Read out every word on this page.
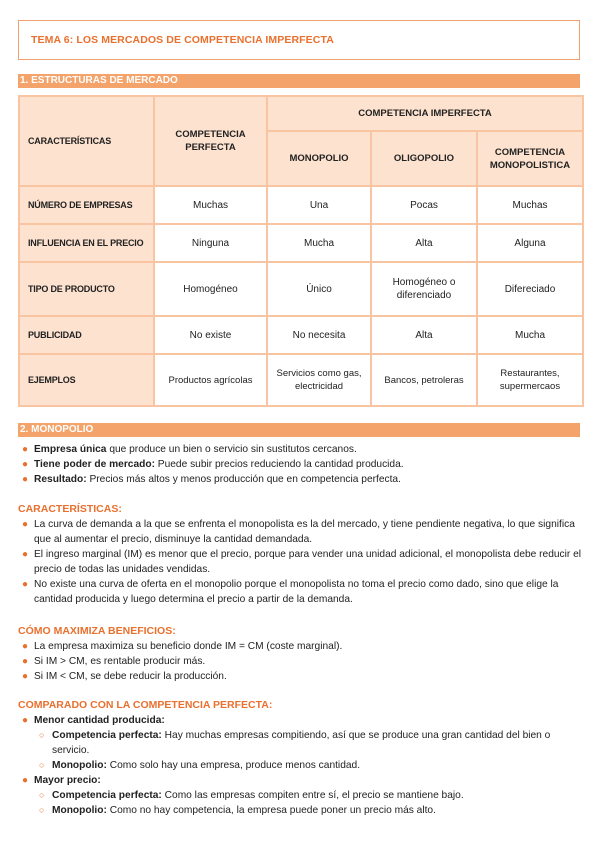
TEMA 6: LOS MERCADOS DE COMPETENCIA IMPERFECTA
1. ESTRUCTURAS DE MERCADO
CARACTERÍSTICAS	COMPETENCIA PERFECTA	COMPETENCIA IMPERFECTA		
		MONOPOLIO	OLIGOPOLIO	COMPETENCIA MONOPOLISTICA
NÚMERO DE EMPRESAS	Muchas	Una	Pocas	Muchas
INFLUENCIA EN EL PRECIO	Ninguna	Mucha	Alta	Alguna
TIPO DE PRODUCTO	Homogéneo	Único	Homogéneo o diferenciado	Difereciado
PUBLICIDAD	No existe	No necesita	Alta	Mucha
EJEMPLOS	Productos agrícolas	Servicios como gas, electricidad	Bancos, petroleras	Restaurantes, supermercaos
2. MONOPOLIO
● Empresa única que produce un bien o servicio sin sustitutos cercanos.
● Tiene poder de mercado: Puede subir precios reduciendo la cantidad producida.
● Resultado: Precios más altos y menos producción que en competencia perfecta.
CARACTERÍSTICAS:
● La curva de demanda a la que se enfrenta el monopolista es la del mercado, y tiene pendiente negativa, lo que significa que al aumentar el precio, disminuye la cantidad demandada.
● El ingreso marginal (IM) es menor que el precio, porque para vender una unidad adicional, el monopolista debe reducir el precio de todas las unidades vendidas.
● No existe una curva de oferta en el monopolio porque el monopolista no toma el precio como dado, sino que elige la cantidad producida y luego determina el precio a partir de la demanda.
CÓMO MAXIMIZA BENEFICIOS:
● La empresa maximiza su beneficio donde IM = CM (coste marginal).
● Si IM > CM, es rentable producir más.
● Si IM < CM, se debe reducir la producción.
COMPARADO CON LA COMPETENCIA PERFECTA:
● Menor cantidad producida:
○ Competencia perfecta: Hay muchas empresas compitiendo, así que se produce una gran cantidad del bien o servicio.
○ Monopolio: Como solo hay una empresa, produce menos cantidad.
● Mayor precio:
○ Competencia perfecta: Como las empresas compiten entre sí, el precio se mantiene bajo.
○ Monopolio: Como no hay competencia, la empresa puede poner un precio más alto.
